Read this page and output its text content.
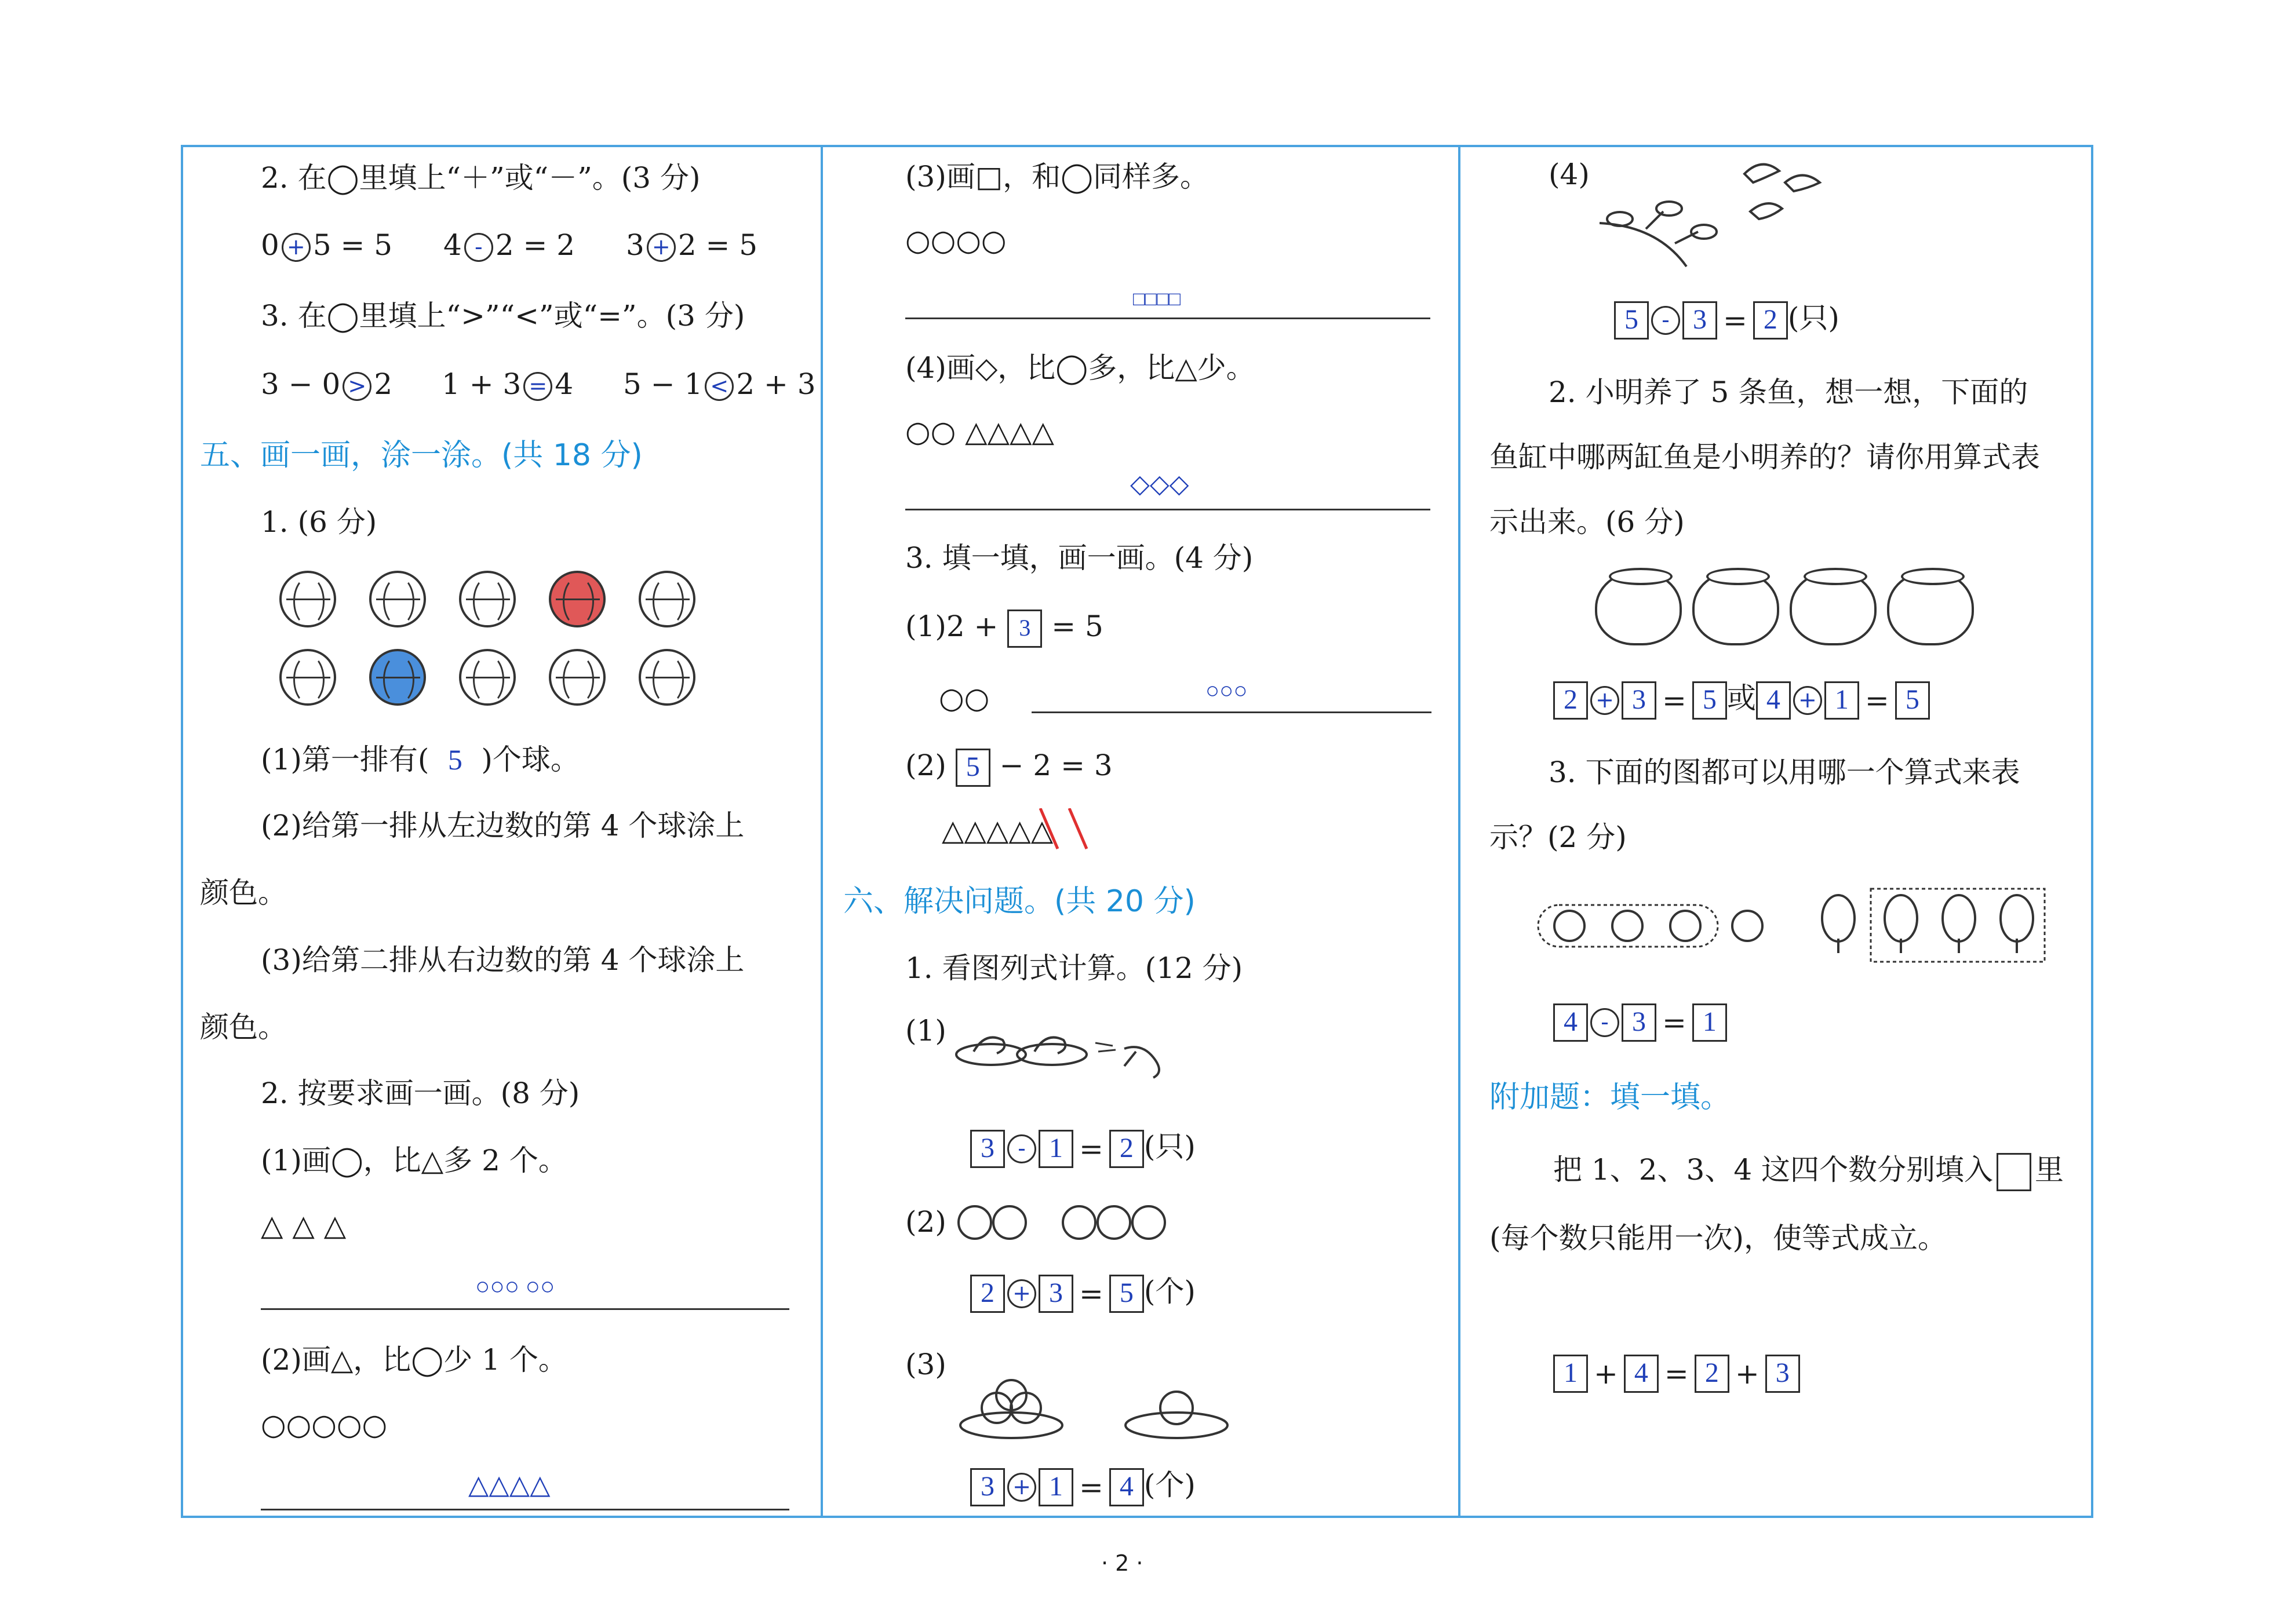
2. 在◯里填上“＋”或“－”。(3 分)
0 + 5 = 5 4 - 2 = 2 3 + 2 = 5
3. 在◯里填上“>”“<”或“=”。(3 分)
3 − 0 > 2 1 + 3 = 4 5 − 1 < 2 + 3
五、画一画，涂一涂。(共 18 分)
1. (6 分)
(1)第一排有( 5 )个球。
(2)给第一排从左边数的第 4 个球涂上
颜色。
(3)给第二排从右边数的第 4 个球涂上
颜色。
2. 按要求画一画。(8 分)
(1)画◯，比△多 2 个。
△ △ △
○○○ ○○
(2)画△，比◯少 1 个。
○○○○○
△△△△
(3)画□，和◯同样多。
○○○○
□□□□
(4)画◇，比◯多，比△少。
○○ △△△△
◇◇◇
3. 填一填，画一画。(4 分)
(1)2 + 3 = 5
○○	○○○
(2) 5 − 2 = 3
△△△△△
六、解决问题。(共 20 分)
1. 看图列式计算。(12 分)
(1)
3 - 1 = 2 (只)
(2)
2 + 3 = 5 (个)
(3)
3 + 1 = 4 (个)
(4)
5 - 3 = 2 (只)
2. 小明养了 5 条鱼，想一想，下面的
鱼缸中哪两缸鱼是小明养的？请你用算式表
示出来。(6 分)
2 + 3 = 5 或 4 + 1 = 5
3. 下面的图都可以用哪一个算式来表
示？(2 分)
4 - 3 = 1
附加题：填一填。
把 1、2、3、4 这四个数分别填入 里
(每个数只能用一次)，使等式成立。
1 + 4 = 2 + 3
· 2 ·
